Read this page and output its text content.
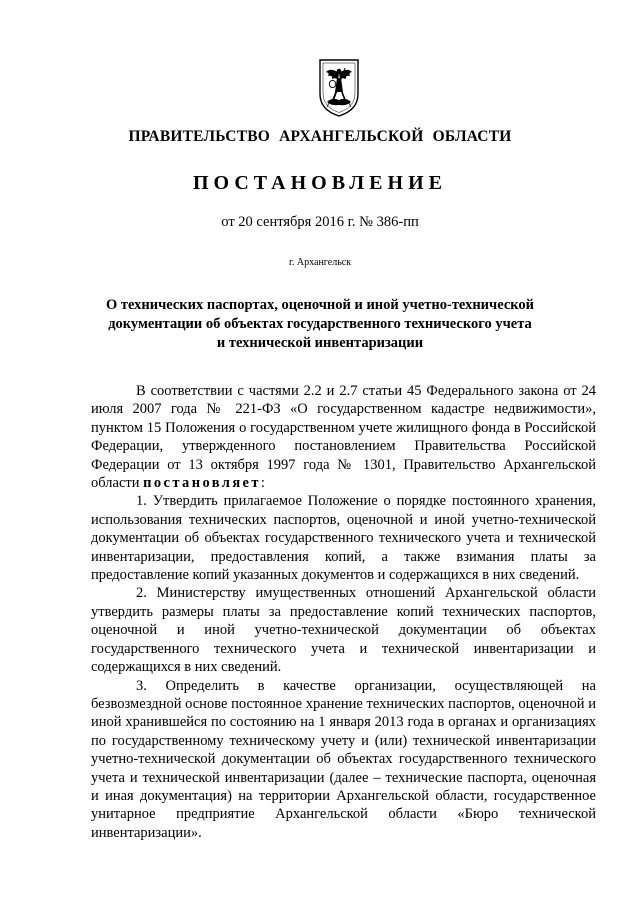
ПРАВИТЕЛЬСТВО АРХАНГЕЛЬСКОЙ ОБЛАСТИ
ПОСТАНОВЛЕНИЕ
от 20 сентября 2016 г. № 386-пп
г. Архангельск
О технических паспортах, оценочной и иной учетно-технической
документации об объектах государственного технического учета
и технической инвентаризации

В соответствии с частями 2.2 и 2.7 статьи 45 Федерального закона от 24 июля 2007 года № 221-ФЗ «О государственном кадастре недвижимости», пунктом 15 Положения о государственном учете жилищного фонда в Российской Федерации, утвержденного постановлением Правительства Российской Федерации от 13 октября 1997 года № 1301, Правительство Архангельской области постановляет:

1. Утвердить прилагаемое Положение о порядке постоянного хранения, использования технических паспортов, оценочной и иной учетно-технической документации об объектах государственного технического учета и технической инвентаризации, предоставления копий, а также взимания платы за предоставление копий указанных документов и содержащихся в них сведений.

2. Министерству имущественных отношений Архангельской области утвердить размеры платы за предоставление копий технических паспортов, оценочной и иной учетно-технической документации об объектах государственного технического учета и технической инвентаризации и содержащихся в них сведений.

3. Определить в качестве организации, осуществляющей на безвозмездной основе постоянное хранение технических паспортов, оценочной и иной хранившейся по состоянию на 1 января 2013 года в органах и организациях по государственному техническому учету и (или) технической инвентаризации учетно-технической документации об объектах государственного технического учета и технической инвентаризации (далее – технические паспорта, оценочная и иная документация) на территории Архангельской области, государственное унитарное предприятие Архангельской области «Бюро технической инвентаризации».
